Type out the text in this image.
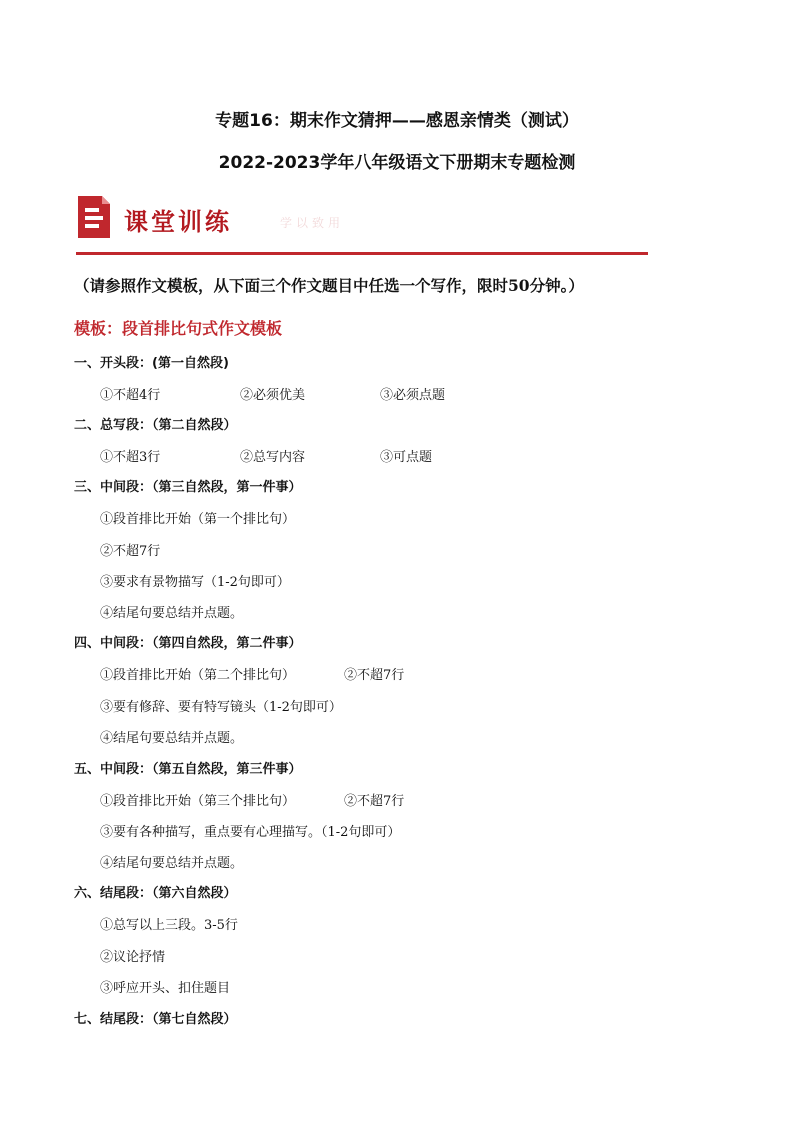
专题16：期末作文猜押——感恩亲情类（测试）
2022-2023学年八年级语文下册期末专题检测
课堂训练	学以致用
（请参照作文模板，从下面三个作文题目中任选一个写作，限时50分钟。）
模板：段首排比句式作文模板
一、开头段：(第一自然段)
①不超4行	②必须优美	③必须点题
二、总写段：（第二自然段）
①不超3行	②总写内容	③可点题
三、中间段：（第三自然段，第一件事）
①段首排比开始（第一个排比句）
②不超7行
③要求有景物描写（1-2句即可）
④结尾句要总结并点题。
四、中间段：（第四自然段，第二件事）
①段首排比开始（第二个排比句）	②不超7行
③要有修辞、要有特写镜头（1-2句即可）
④结尾句要总结并点题。
五、中间段：（第五自然段，第三件事）
①段首排比开始（第三个排比句）	②不超7行
③要有各种描写，重点要有心理描写。（1-2句即可）
④结尾句要总结并点题。
六、结尾段：（第六自然段）
①总写以上三段。3-5行
②议论抒情
③呼应开头、扣住题目
七、结尾段：（第七自然段）
